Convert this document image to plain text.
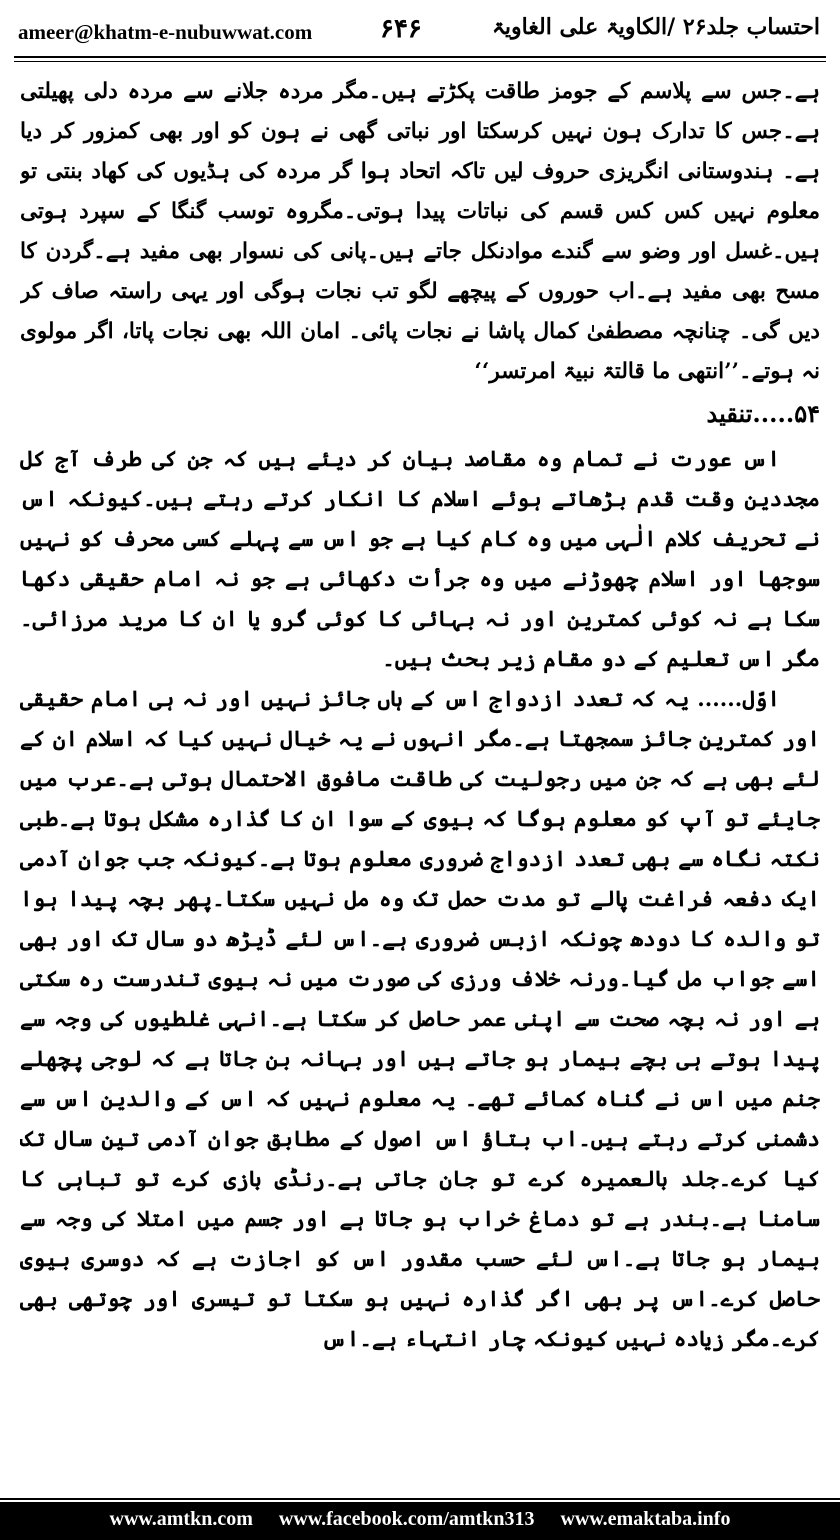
ameer@khatm-e-nubuwwat.com	۶۴۶	احتساب جلد۲۶ /الکاویۃ علی الغاویۃ

ہے۔جس سے پلاسم کے جومز طاقت پکڑتے ہیں۔مگر مردہ جلانے سے مردہ دلی پھیلتی ہے۔جس کا تدارک ہون نہیں کرسکتا اور نباتی گھی نے ہون کو اور بھی کمزور کر دیا ہے۔ ہندوستانی انگریزی حروف لیں تاکہ اتحاد ہوا گر مردہ کی ہڈیوں کی کھاد بنتی تو معلوم نہیں کس کس قسم کی نباتات پیدا ہوتی۔مگروہ توسب گنگا کے سپرد ہوتی ہیں۔غسل اور وضو سے گندے موادنکل جاتے ہیں۔پانی کی نسوار بھی مفید ہے۔گردن کا مسح بھی مفید ہے۔اب حوروں کے پیچھے لگو تب نجات ہوگی اور یہی راستہ صاف کر دیں گی۔ چنانچہ مصطفیٰ کمال پاشا نے نجات پائی۔ امان اللہ بھی نجات پاتا، اگر مولوی نہ ہوتے۔’’انتھی ما قالتۃ نبیۃ امرتسر‘‘

۵۴.....تنقید

اس عورت نے تمام وہ مقاصد بیان کر دیئے ہیں کہ جن کی طرف آج کل مجددین وقت قدم بڑھاتے ہوئے اسلام کا انکار کرتے رہتے ہیں۔کیونکہ اس نے تحریف کلام الٰہی میں وہ کام کیا ہے جو اس سے پہلے کسی محرف کو نہیں سوجھا اور اسلام چھوڑنے میں وہ جرأت دکھائی ہے جو نہ امام حقیقی دکھا سکا ہے نہ کوئی کمترین اور نہ بہائی کا کوئی گرو یا ان کا مرید مرزائی۔مگر اس تعلیم کے دو مقام زیر بحث ہیں۔

اوّل...... یہ کہ تعدد ازدواج اس کے ہاں جائز نہیں اور نہ ہی امام حقیقی اور کمترین جائز سمجھتا ہے۔مگر انہوں نے یہ خیال نہیں کیا کہ اسلام ان کے لئے بھی ہے کہ جن میں رجولیت کی طاقت مافوق الاحتمال ہوتی ہے۔عرب میں جایئے تو آپ کو معلوم ہوگا کہ بیوی کے سوا ان کا گذارہ مشکل ہوتا ہے۔طبی نکتہ نگاہ سے بھی تعدد ازدواج ضروری معلوم ہوتا ہے۔کیونکہ جب جوان آدمی ایک دفعہ فراغت پالے تو مدت حمل تک وہ مل نہیں سکتا۔پھر بچہ پیدا ہوا تو والدہ کا دودھ چونکہ ازبس ضروری ہے۔اس لئے ڈیڑھ دو سال تک اور بھی اسے جواب مل گیا۔ورنہ خلاف ورزی کی صورت میں نہ بیوی تندرست رہ سکتی ہے اور نہ بچہ صحت سے اپنی عمر حاصل کر سکتا ہے۔انہی غلطیوں کی وجہ سے پیدا ہوتے ہی بچے بیمار ہو جاتے ہیں اور بہانہ بن جاتا ہے کہ لوجی پچھلے جنم میں اس نے گناہ کمائے تھے۔ یہ معلوم نہیں کہ اس کے والدین اس سے دشمنی کرتے رہتے ہیں۔اب بتاؤ اس اصول کے مطابق جوان آدمی تین سال تک کیا کرے۔جلد بالعمیرہ کرے تو جان جاتی ہے۔رنڈی بازی کرے تو تباہی کا سامنا ہے۔بندر ہے تو دماغ خراب ہو جاتا ہے اور جسم میں امتلا کی وجہ سے بیمار ہو جاتا ہے۔اس لئے حسب مقدور اس کو اجازت ہے کہ دوسری بیوی حاصل کرے۔اس پر بھی اگر گذارہ نہیں ہو سکتا تو تیسری اور چوتھی بھی کرے۔مگر زیادہ نہیں کیونکہ چار انتہاء ہے۔اس

www.amtkn.com www.facebook.com/amtkn313 www.emaktaba.info
